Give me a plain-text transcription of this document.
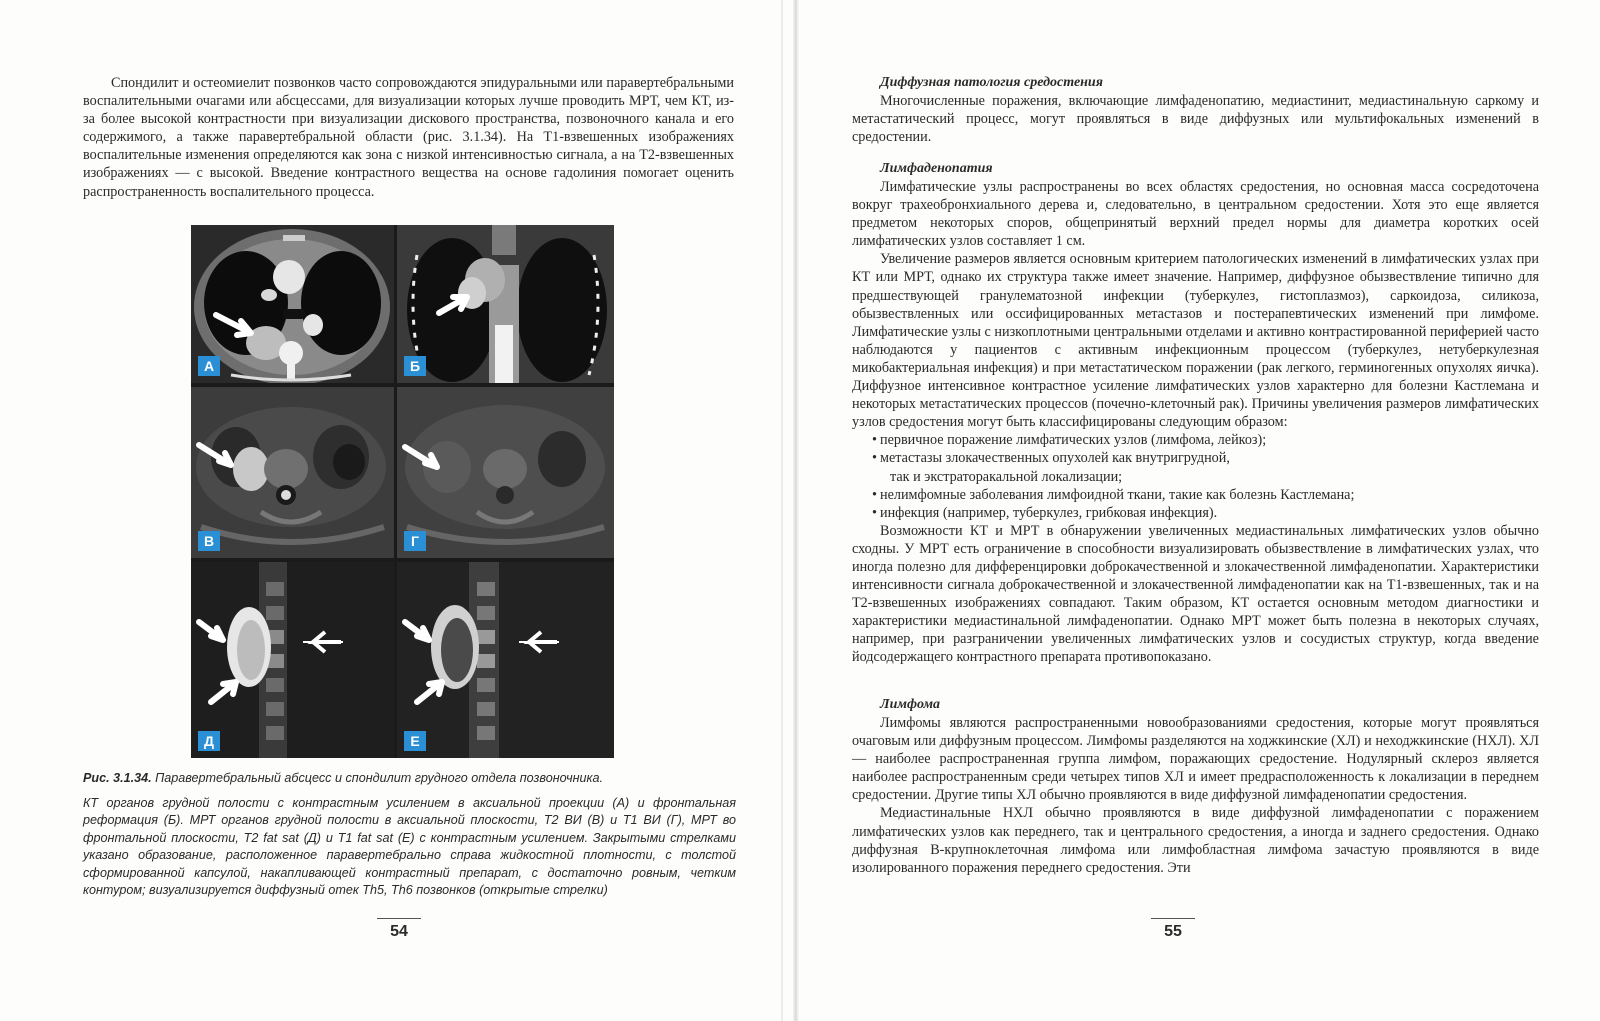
Спондилит и остеомиелит позвонков часто сопровождаются эпидуральными или паравертебральными воспалительными очагами или абсцессами, для визуализации которых лучше проводить МРТ, чем КТ, из-за более высокой контрастности при визуализации дискового пространства, позвоночного канала и его содержимого, а также паравертебральной области (рис. 3.1.34). На Т1-взвешенных изображениях воспалительные изменения определяются как зона с низкой интенсивностью сигнала, а на Т2-взвешенных изображениях — с высокой. Введение контрастного вещества на основе гадолиния помогает оценить распространенность воспалительного процесса.

А	Б
В	Г
Д	Е
Рис. 3.1.34. Паравертебральный абсцесс и спондилит грудного отдела позвоночника.

КТ органов грудной полости с контрастным усилением в аксиальной проекции (А) и фронтальная реформация (Б). МРТ органов грудной полости в аксиальной плоскости, Т2 ВИ (В) и Т1 ВИ (Г), МРТ во фронтальной плоскости, Т2 fat sat (Д) и Т1 fat sat (Е) с контрастным усилением. Закрытыми стрелками указано образование, расположенное паравертебрально справа жидкостной плотности, с толстой сформированной капсулой, накапливающей контрастный препарат, с достаточно ровным, четким контуром; визуализируется диффузный отек Th5, Th6 позвонков (открытые стрелки)

54

Диффузная патология средостения

Многочисленные поражения, включающие лимфаденопатию, медиастинит, медиастинальную саркому и метастатический процесс, могут проявляться в виде диффузных или мультифокальных изменений в средостении.

Лимфаденопатия

Лимфатические узлы распространены во всех областях средостения, но основная масса сосредоточена вокруг трахеобронхиального дерева и, следовательно, в центральном средостении. Хотя это еще является предметом некоторых споров, общепринятый верхний предел нормы для диаметра коротких осей лимфатических узлов составляет 1 см.

Увеличение размеров является основным критерием патологических изменений в лимфатических узлах при КТ или МРТ, однако их структура также имеет значение. Например, диффузное обызвествление типично для предшествующей гранулематозной инфекции (туберкулез, гистоплазмоз), саркоидоза, силикоза, обызвествленных или оссифицированных метастазов и постерапевтических изменений при лимфоме. Лимфатические узлы с низкоплотными центральными отделами и активно контрастированной периферией часто наблюдаются у пациентов с активным инфекционным процессом (туберкулез, нетуберкулезная микобактериальная инфекция) и при метастатическом поражении (рак легкого, герминогенных опухолях яичка). Диффузное интенсивное контрастное усиление лимфатических узлов характерно для болезни Кастлемана и некоторых метастатических процессов (почечно-клеточный рак). Причины увеличения размеров лимфатических узлов средостения могут быть классифицированы следующим образом:

• первичное поражение лимфатических узлов (лимфома, лейкоз);
• метастазы злокачественных опухолей как внутригрудной,
так и экстраторакальной локализации;
• нелимфомные заболевания лимфоидной ткани, такие как болезнь Кастлемана;
• инфекция (например, туберкулез, грибковая инфекция).

Возможности КТ и МРТ в обнаружении увеличенных медиастинальных лимфатических узлов обычно сходны. У МРТ есть ограничение в способности визуализировать обызвествление в лимфатических узлах, что иногда полезно для дифференцировки доброкачественной и злокачественной лимфаденопатии. Характеристики интенсивности сигнала доброкачественной и злокачественной лимфаденопатии как на Т1-взвешенных, так и на Т2-взвешенных изображениях совпадают. Таким образом, КТ остается основным методом диагностики и характеристики медиастинальной лимфаденопатии. Однако МРТ может быть полезна в некоторых случаях, например, при разграничении увеличенных лимфатических узлов и сосудистых структур, когда введение йодсодержащего контрастного препарата противопоказано.

Лимфома

Лимфомы являются распространенными новообразованиями средостения, которые могут проявляться очаговым или диффузным процессом. Лимфомы разделяются на ходжкинские (ХЛ) и неходжкинские (НХЛ). ХЛ — наиболее распространенная группа лимфом, поражающих средостение. Нодулярный склероз является наиболее распространенным среди четырех типов ХЛ и имеет предрасположенность к локализации в переднем средостении. Другие типы ХЛ обычно проявляются в виде диффузной лимфаденопатии средостения.

Медиастинальные НХЛ обычно проявляются в виде диффузной лимфаденопатии с поражением лимфатических узлов как переднего, так и центрального средостения, а иногда и заднего средостения. Однако диффузная В-крупноклеточная лимфома или лимфобластная лимфома зачастую проявляются в виде изолированного поражения переднего средостения. Эти

55
